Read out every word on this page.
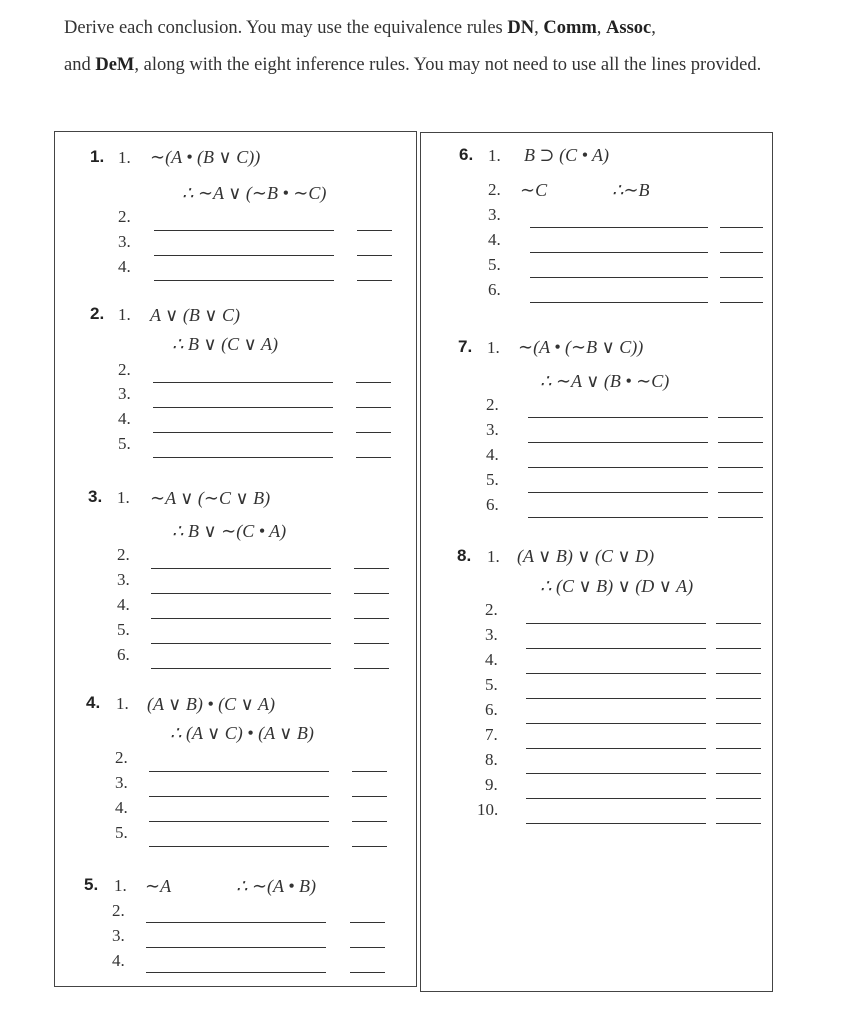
Derive each conclusion. You may use the equivalence rules DN, Comm, Assoc,
and DeM, along with the eight inference rules. You may not need to use all the lines provided.
1. 1. ∼(A • (B ∨ C))
∴ ∼A ∨ (∼B • ∼C)
2.
3.
4.
2. 1. A ∨ (B ∨ C)
∴ B ∨ (C ∨ A)
2.
3.
4.
5.
3. 1. ∼A ∨ (∼C ∨ B)
∴ B ∨ ∼(C • A)
2.
3.
4.
5.
6.
4. 1. (A ∨ B) • (C ∨ A)
∴ (A ∨ C) • (A ∨ B)
2.
3.
4.
5.
5. 1. ∼A	∴ ∼(A • B)
2.
3.
4.
6. 1. B ⊃ (C • A)
2. ∼C	∴∼B
3.
4.
5.
6.
7. 1. ∼(A • (∼B ∨ C))
∴ ∼A ∨ (B • ∼C)
2.
3.
4.
5.
6.
8. 1. (A ∨ B) ∨ (C ∨ D)
∴ (C ∨ B) ∨ (D ∨ A)
2.
3.
4.
5.
6.
7.
8.
9.
10.
